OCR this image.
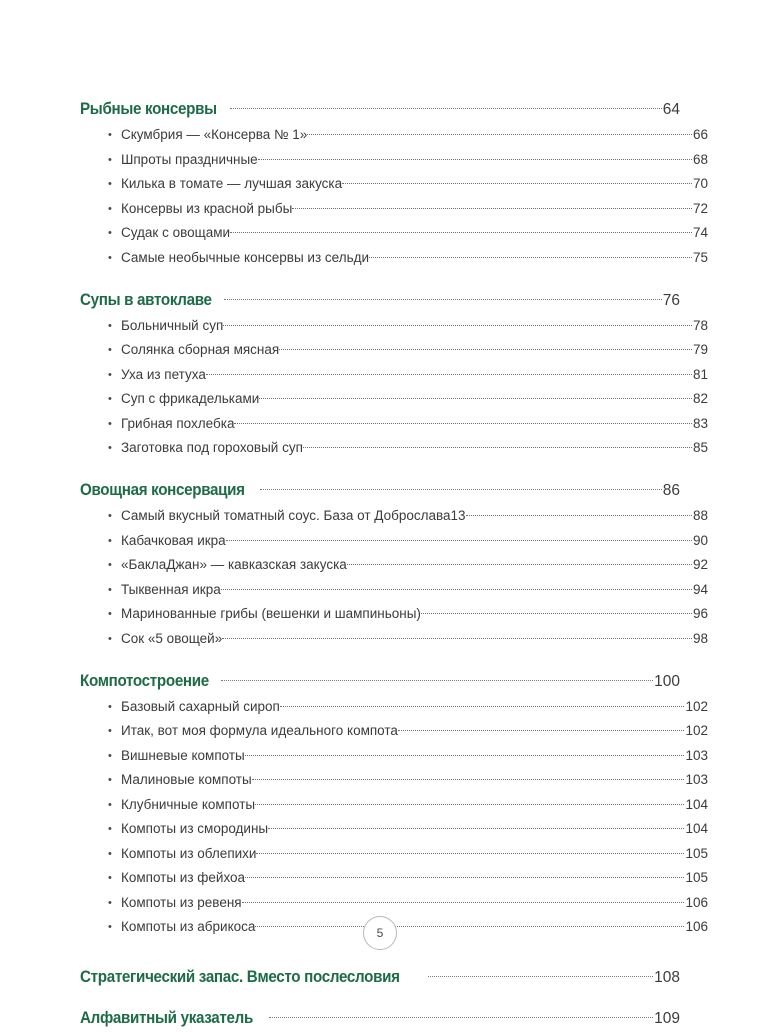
Рыбные консервы	64
• Скумбрия — «Консерва № 1»	66
• Шпроты праздничные	68
• Килька в томате — лучшая закуска	70
• Консервы из красной рыбы	72
• Судак с овощами	74
• Самые необычные консервы из сельди	75
Супы в автоклаве	76
• Больничный суп	78
• Солянка сборная мясная	79
• Уха из петуха	81
• Суп с фрикадельками	82
• Грибная похлебка	83
• Заготовка под гороховый суп	85
Овощная консервация	86
• Самый вкусный томатный соус. База от Доброслава13	88
• Кабачковая икра	90
• «БаклаДжан» — кавказская закуска	92
• Тыквенная икра	94
• Маринованные грибы (вешенки и шампиньоны)	96
• Сок «5 овощей»	98
Компотостроение	100
• Базовый сахарный сироп	102
• Итак, вот моя формула идеального компота	102
• Вишневые компоты	103
• Малиновые компоты	103
• Клубничные компоты	104
• Компоты из смородины	104
• Компоты из облепихи	105
• Компоты из фейхоа	105
• Компоты из ревеня	106
• Компоты из абрикоса	106
Стратегический запас. Вместо послесловия	108
Алфавитный указатель	109
5
